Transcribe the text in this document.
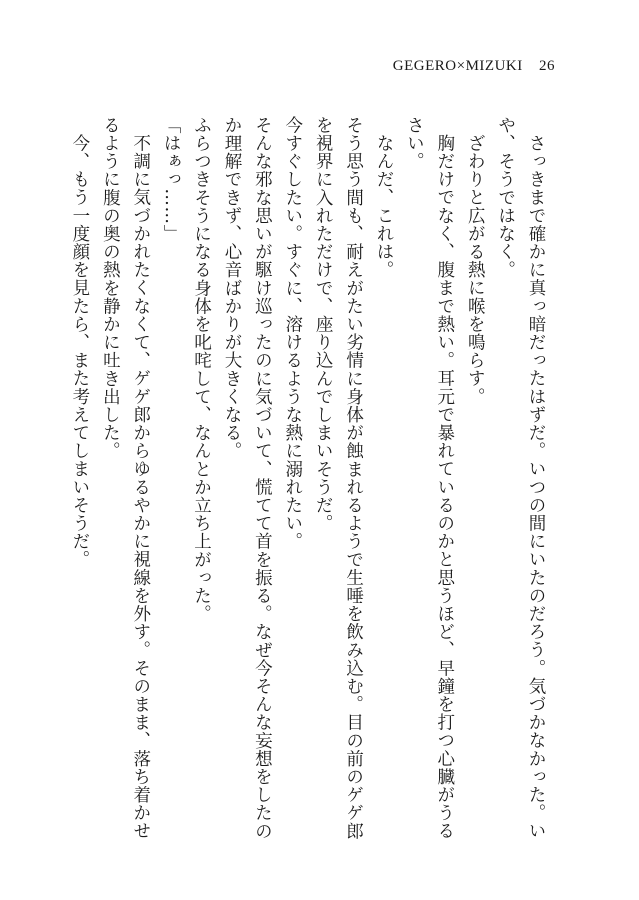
GEGERO×MIZUKI 26

さっきまで確かに真っ暗だったはずだ。いつの間にいたのだろう。気づかなかった。いや、そうではなく。

ざわりと広がる熱に喉を鳴らす。

胸だけでなく、腹まで熱い。耳元で暴れているのかと思うほど、早鐘を打つ心臓がうるさい。

なんだ、これは。

そう思う間も、耐えがたい劣情に身体が蝕まれるようで生唾を飲み込む。目の前のゲゲ郎を視界に入れただけで、座り込んでしまいそうだ。

今すぐしたい。すぐに、溶けるような熱に溺れたい。

そんな邪な思いが駆け巡ったのに気づいて、慌てて首を振る。なぜ今そんな妄想をしたのか理解できず、心音ばかりが大きくなる。

ふらつきそうになる身体を叱咤して、なんとか立ち上がった。

「はぁっ……」

不調に気づかれたくなくて、ゲゲ郎からゆるやかに視線を外す。そのまま、落ち着かせるように腹の奥の熱を静かに吐き出した。

今、もう一度顔を見たら、また考えてしまいそうだ。
